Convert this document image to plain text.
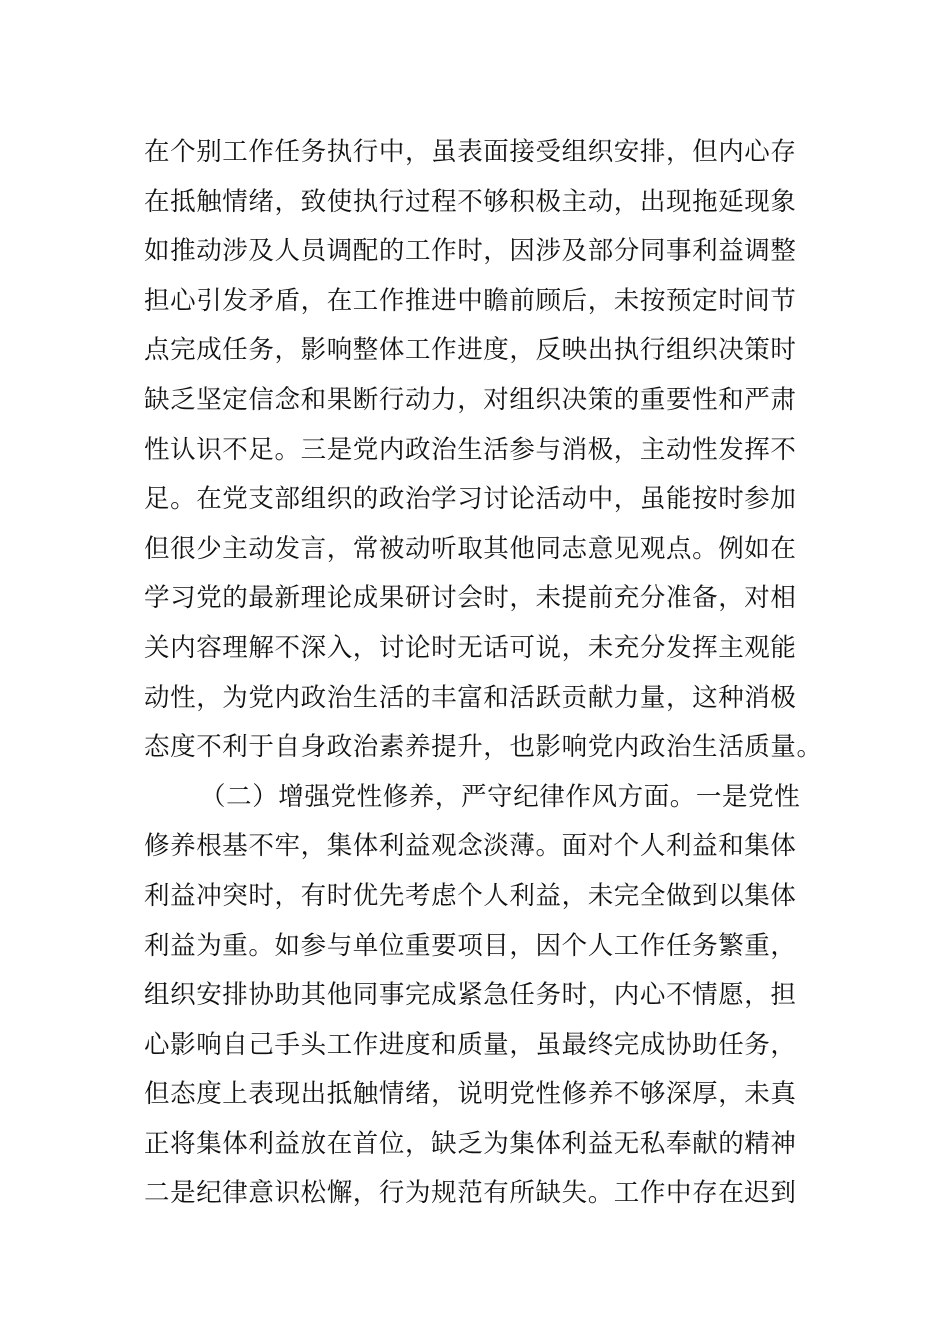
在个别工作任务执行中，虽表面接受组织安排，但内心存
在抵触情绪，致使执行过程不够积极主动，出现拖延现象
如推动涉及人员调配的工作时，因涉及部分同事利益调整
担心引发矛盾，在工作推进中瞻前顾后，未按预定时间节
点完成任务，影响整体工作进度，反映出执行组织决策时
缺乏坚定信念和果断行动力，对组织决策的重要性和严肃
性认识不足。三是党内政治生活参与消极，主动性发挥不
足。在党支部组织的政治学习讨论活动中，虽能按时参加
但很少主动发言，常被动听取其他同志意见观点。例如在
学习党的最新理论成果研讨会时，未提前充分准备，对相
关内容理解不深入，讨论时无话可说，未充分发挥主观能
动性，为党内政治生活的丰富和活跃贡献力量，这种消极
态度不利于自身政治素养提升，也影响党内政治生活质量。
（二）增强党性修养，严守纪律作风方面。一是党性
修养根基不牢，集体利益观念淡薄。面对个人利益和集体
利益冲突时，有时优先考虑个人利益，未完全做到以集体
利益为重。如参与单位重要项目，因个人工作任务繁重，
组织安排协助其他同事完成紧急任务时，内心不情愿，担
心影响自己手头工作进度和质量，虽最终完成协助任务，
但态度上表现出抵触情绪，说明党性修养不够深厚，未真
正将集体利益放在首位，缺乏为集体利益无私奉献的精神
二是纪律意识松懈，行为规范有所缺失。工作中存在迟到
